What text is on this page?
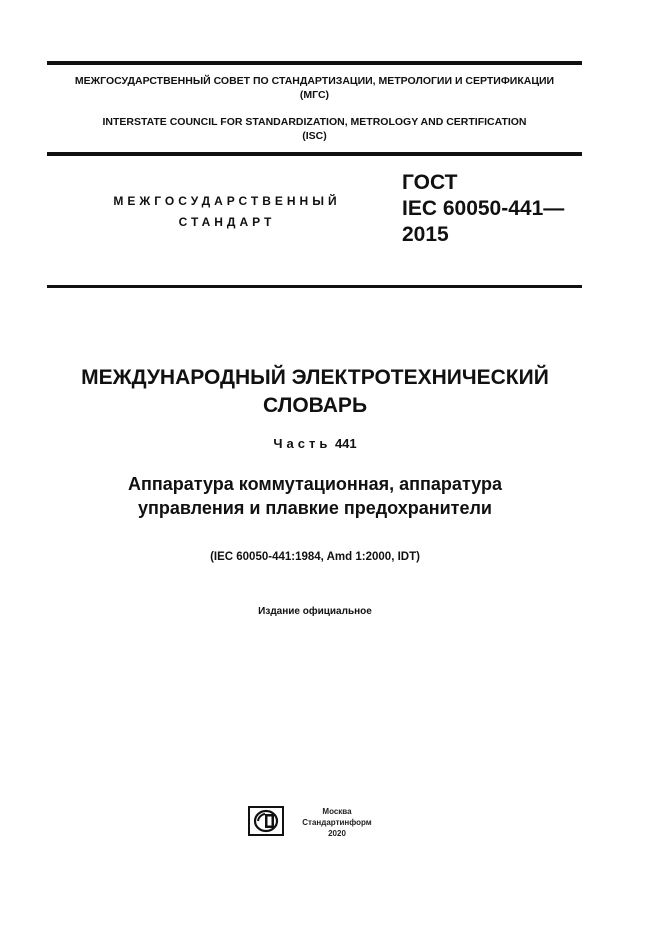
МЕЖГОСУДАРСТВЕННЫЙ СОВЕТ ПО СТАНДАРТИЗАЦИИ, МЕТРОЛОГИИ И СЕРТИФИКАЦИИ
(МГС)
INTERSTATE COUNCIL FOR STANDARDIZATION, METROLOGY AND CERTIFICATION
(ISC)
МЕЖГОСУДАРСТВЕННЫЙ
СТАНДАРТ
ГОСТ
IEC 60050-441—
2015
МЕЖДУНАРОДНЫЙ ЭЛЕКТРОТЕХНИЧЕСКИЙ
СЛОВАРЬ
Часть 441
Аппаратура коммутационная, аппаратура
управления и плавкие предохранители
(IEC 60050-441:1984, Amd 1:2000, IDT)
Издание официальное
Москва
Стандартинформ
2020
